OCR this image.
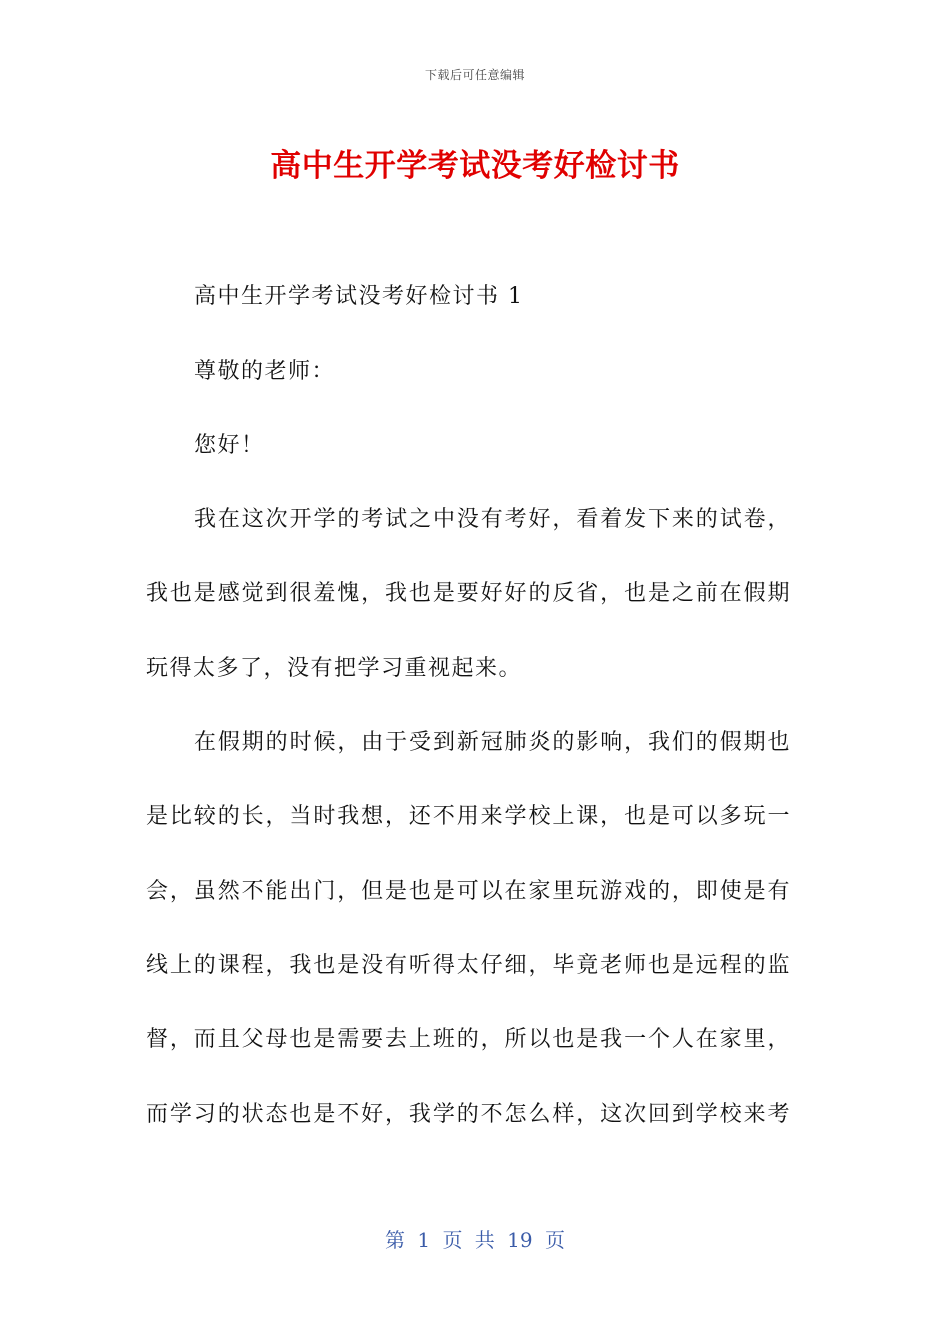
下载后可任意编辑
高中生开学考试没考好检讨书
高中生开学考试没考好检讨书 1
尊敬的老师：
您好！
我在这次开学的考试之中没有考好，看着发下来的试卷，
我也是感觉到很羞愧，我也是要好好的反省，也是之前在假期
玩得太多了，没有把学习重视起来。
在假期的时候，由于受到新冠肺炎的影响，我们的假期也
是比较的长，当时我想，还不用来学校上课，也是可以多玩一
会，虽然不能出门，但是也是可以在家里玩游戏的，即使是有
线上的课程，我也是没有听得太仔细，毕竟老师也是远程的监
督，而且父母也是需要去上班的，所以也是我一个人在家里，
而学习的状态也是不好，我学的不怎么样，这次回到学校来考
第 1 页 共 19 页
